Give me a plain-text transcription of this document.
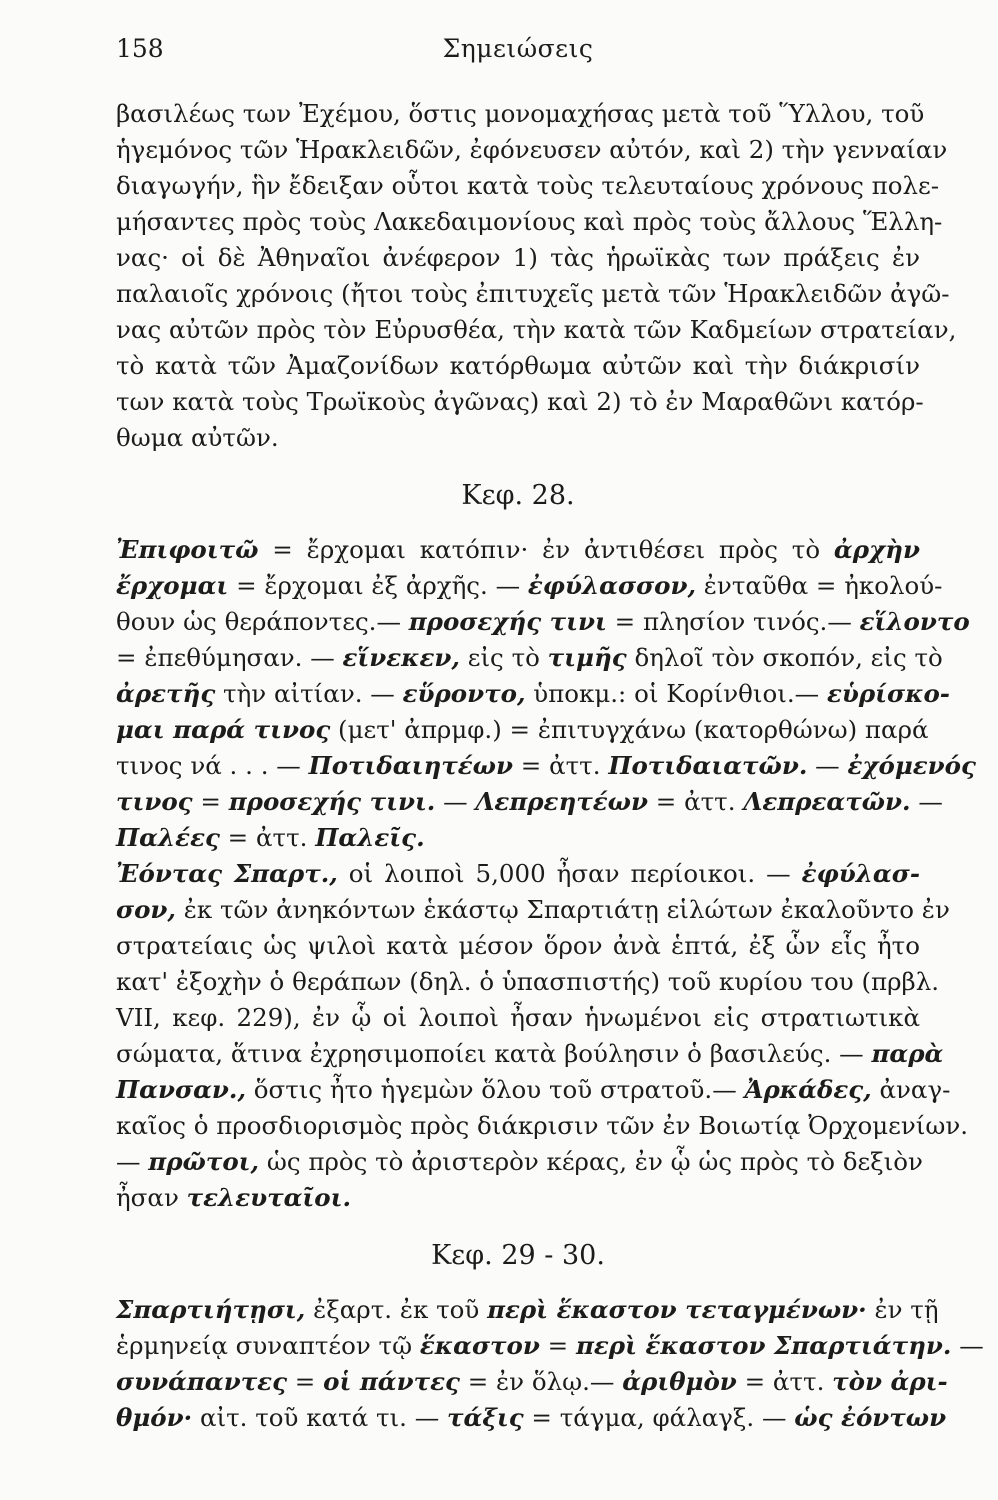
158	Σημειώσεις
βασιλέως των Ἐχέμου, ὅστις μονομαχήσας μετὰ τοῦ Ὕλλου, τοῦ
ἡγεμόνος τῶν Ἡρακλειδῶν, ἐφόνευσεν αὐτόν, καὶ 2) τὴν γενναίαν
διαγωγήν, ἣν ἔδειξαν οὗτοι κατὰ τοὺς τελευταίους χρόνους πολε-
μήσαντες πρὸς τοὺς Λακεδαιμονίους καὶ πρὸς τοὺς ἄλλους Ἕλλη-
νας· οἱ δὲ Ἀθηναῖοι ἀνέφερον 1) τὰς ἡρωϊκὰς των πράξεις ἐν
παλαιοῖς χρόνοις (ἤτοι τοὺς ἐπιτυχεῖς μετὰ τῶν Ἡρακλειδῶν ἀγῶ-
νας αὐτῶν πρὸς τὸν Εὐρυσθέα, τὴν κατὰ τῶν Καδμείων στρατείαν,
τὸ κατὰ τῶν Ἀμαζονίδων κατόρθωμα αὐτῶν καὶ τὴν διάκρισίν
των κατὰ τοὺς Τρωϊκοὺς ἀγῶνας) καὶ 2) τὸ ἐν Μαραθῶνι κατόρ-
θωμα αὐτῶν.
Κεφ. 28.
Ἐπιφοιτῶ = ἔρχομαι κατόπιν· ἐν ἀντιθέσει πρὸς τὸ ἀρχὴν
ἔρχομαι = ἔρχομαι ἐξ ἀρχῆς. — ἐφύλασσον, ἐνταῦθα = ἠκολού-
θουν ὡς θεράποντες.— προσεχής τινι = πλησίον τινός.— εἵλοντο
= ἐπεθύμησαν. — εἵνεκεν, εἰς τὸ τιμῆς δηλοῖ τὸν σκοπόν, εἰς τὸ
ἀρετῆς τὴν αἰτίαν. — εὕροντο, ὑποκμ.: οἱ Κορίνθιοι.— εὑρίσκο-
μαι παρά τινος (μετ' ἀπρμφ.) = ἐπιτυγχάνω (κατορθώνω) παρά
τινος νά . . . — Ποτιδαιητέων = ἀττ. Ποτιδαιατῶν. — ἐχόμενός
τινος = προσεχής τινι. — Λεπρεητέων = ἀττ. Λεπρεατῶν. —
Παλέες = ἀττ. Παλεῖς.
Ἐόντας Σπαρτ., οἱ λοιποὶ 5,000 ἦσαν περίοικοι. — ἐφύλασ-
σον, ἐκ τῶν ἀνηκόντων ἑκάστῳ Σπαρτιάτῃ εἱλώτων ἐκαλοῦντο ἐν
στρατείαις ὡς ψιλοὶ κατὰ μέσον ὅρον ἀνὰ ἑπτά, ἐξ ὧν εἷς ἦτο
κατ' ἐξοχὴν ὁ θεράπων (δηλ. ὁ ὑπασπιστής) τοῦ κυρίου του (πρβλ.
VII, κεφ. 229), ἐν ᾧ οἱ λοιποὶ ἦσαν ἡνωμένοι εἰς στρατιωτικὰ
σώματα, ἅτινα ἐχρησιμοποίει κατὰ βούλησιν ὁ βασιλεύς. — παρὰ
Πανσαν., ὅστις ἦτο ἡγεμὼν ὅλου τοῦ στρατοῦ.— Ἀρκάδες, ἀναγ-
καῖος ὁ προσδιορισμὸς πρὸς διάκρισιν τῶν ἐν Βοιωτίᾳ Ὀρχομενίων.
— πρῶτοι, ὡς πρὸς τὸ ἀριστερὸν κέρας, ἐν ᾧ ὡς πρὸς τὸ δεξιὸν
ἦσαν τελευταῖοι.
Κεφ. 29 - 30.
Σπαρτιήτῃσι, ἐξαρτ. ἐκ τοῦ περὶ ἕκαστον τεταγμένων· ἐν τῇ
ἑρμηνείᾳ συναπτέον τῷ ἕκαστον = περὶ ἕκαστον Σπαρτιάτην. —
συνάπαντες = οἱ πάντες = ἐν ὅλῳ.— ἀριθμὸν = ἀττ. τὸν ἀρι-
θμόν· αἰτ. τοῦ κατά τι. — τάξις = τάγμα, φάλαγξ. — ὡς ἐόντων
